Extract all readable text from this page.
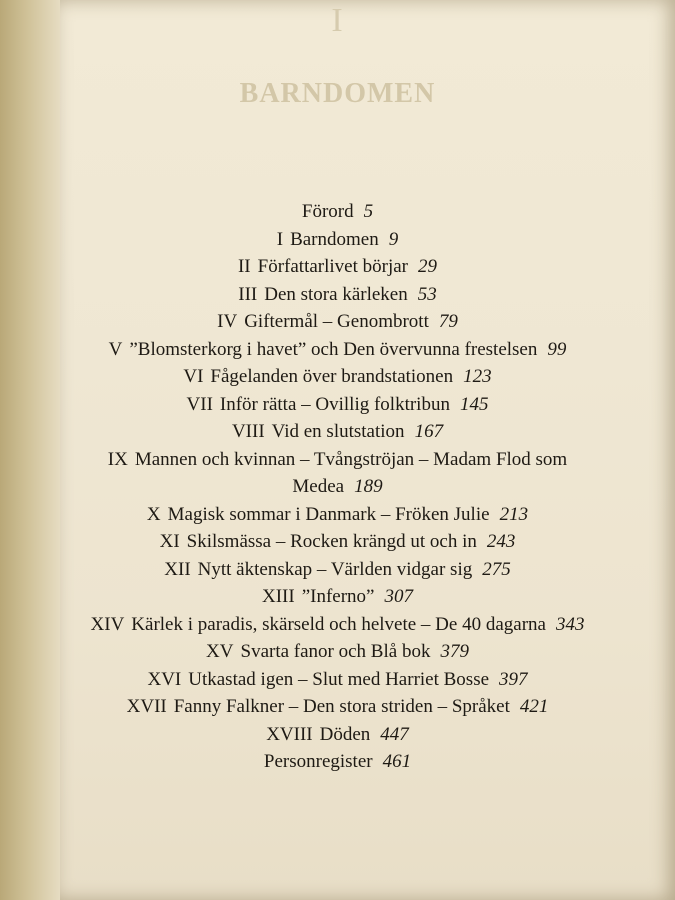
I
BARNDOMEN
Förord 5
I Barndomen 9
II Författarlivet börjar 29
III Den stora kärleken 53
IV Giftermål – Genombrott 79
V ”Blomsterkorg i havet” och Den övervunna frestelsen 99
VI Fågelanden över brandstationen 123
VII Inför rätta – Ovillig folktribun 145
VIII Vid en slutstation 167
IX Mannen och kvinnan – Tvångströjan – Madam Flod som Medea 189
X Magisk sommar i Danmark – Fröken Julie 213
XI Skilsmässa – Rocken krängd ut och in 243
XII Nytt äktenskap – Världen vidgar sig 275
XIII ”Inferno” 307
XIV Kärlek i paradis, skärseld och helvete – De 40 dagarna 343
XV Svarta fanor och Blå bok 379
XVI Utkastad igen – Slut med Harriet Bosse 397
XVII Fanny Falkner – Den stora striden – Språket 421
XVIII Döden 447
Personregister 461
